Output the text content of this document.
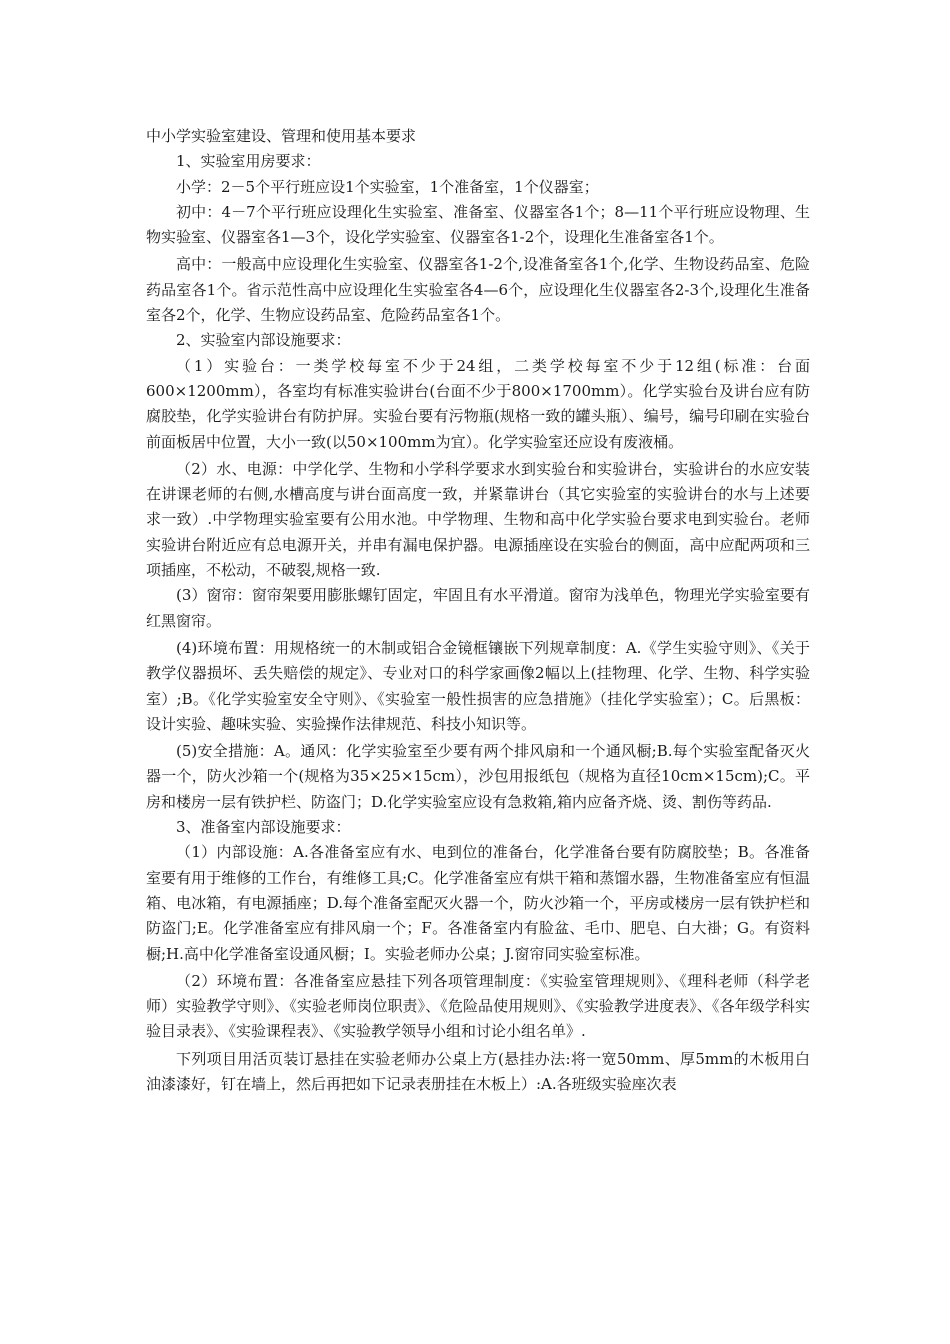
中小学实验室建设、管理和使用基本要求

1、实验室用房要求：

小学：2－5个平行班应设1个实验室，1个准备室，1个仪器室；

初中：4－7个平行班应设理化生实验室、准备室、仪器室各1个；8—11个平行班应设物理、生物实验室、仪器室各1—3个，设化学实验室、仪器室各1-2个，设理化生准备室各1个。

高中：一般高中应设理化生实验室、仪器室各1-2个,设准备室各1个,化学、生物设药品室、危险药品室各1个。省示范性高中应设理化生实验室各4—6个，应设理化生仪器室各2-3个,设理化生准备室各2个，化学、生物应设药品室、危险药品室各1个。

2、实验室内部设施要求：

（1）实验台：一类学校每室不少于24组，二类学校每室不少于12组(标准：台面600×1200mm），各室均有标准实验讲台(台面不少于800×1700mm）。化学实验台及讲台应有防腐胶垫，化学实验讲台有防护屏。实验台要有污物瓶(规格一致的罐头瓶）、编号，编号印刷在实验台前面板居中位置，大小一致(以50×100mm为宜）。化学实验室还应设有废液桶。

（2）水、电源：中学化学、生物和小学科学要求水到实验台和实验讲台，实验讲台的水应安装在讲课老师的右侧,水槽高度与讲台面高度一致，并紧靠讲台（其它实验室的实验讲台的水与上述要求一致）.中学物理实验室要有公用水池。中学物理、生物和高中化学实验台要求电到实验台。老师实验讲台附近应有总电源开关，并串有漏电保护器。电源插座设在实验台的侧面，高中应配两项和三项插座，不松动，不破裂,规格一致.

(3）窗帘：窗帘架要用膨胀螺钉固定，牢固且有水平滑道。窗帘为浅单色，物理光学实验室要有红黑窗帘。

(4)环境布置：用规格统一的木制或铝合金镜框镶嵌下列规章制度：A.《学生实验守则》、《关于教学仪器损坏、丢失赔偿的规定》、专业对口的科学家画像2幅以上(挂物理、化学、生物、科学实验室）;B。《化学实验室安全守则》、《实验室一般性损害的应急措施》（挂化学实验室）；C。后黑板：设计实验、趣味实验、实验操作法律规范、科技小知识等。

(5)安全措施：A。通风：化学实验室至少要有两个排风扇和一个通风橱;B.每个实验室配备灭火器一个，防火沙箱一个(规格为35×25×15cm），沙包用报纸包（规格为直径10cm×15cm);C。平房和楼房一层有铁护栏、防盗门；D.化学实验室应设有急救箱,箱内应备齐烧、烫、割伤等药品.

3、准备室内部设施要求：

（1）内部设施：A.各准备室应有水、电到位的准备台，化学准备台要有防腐胶垫；B。各准备室要有用于维修的工作台，有维修工具;C。化学准备室应有烘干箱和蒸馏水器，生物准备室应有恒温箱、电冰箱，有电源插座；D.每个准备室配灭火器一个，防火沙箱一个，平房或楼房一层有铁护栏和防盗门;E。化学准备室应有排风扇一个；F。各准备室内有脸盆、毛巾、肥皂、白大褂；G。有资料橱;H.高中化学准备室设通风橱；I。实验老师办公桌；J.窗帘同实验室标准。

（2）环境布置：各准备室应悬挂下列各项管理制度：《实验室管理规则》、《理科老师（科学老师）实验教学守则》、《实验老师岗位职责》、《危险品使用规则》、《实验教学进度表》、《各年级学科实验目录表》、《实验课程表》、《实验教学领导小组和讨论小组名单》.

下列项目用活页装订悬挂在实验老师办公桌上方(悬挂办法:将一宽50mm、厚5mm的木板用白油漆漆好，钉在墙上，然后再把如下记录表册挂在木板上）:A.各班级实验座次表
